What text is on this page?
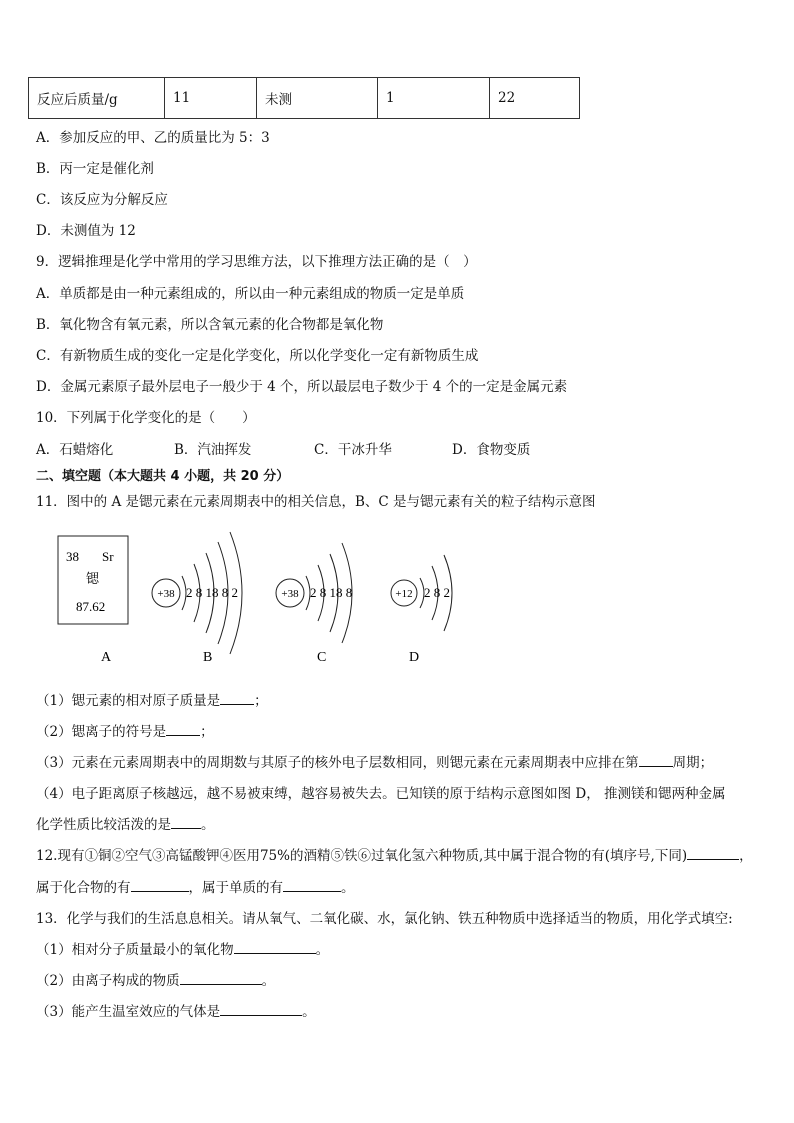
反应后质量/g	11	未测	1	22
A．参加反应的甲、乙的质量比为 5：3
B．丙一定是催化剂
C．该反应为分解反应
D．未测值为 12
9．逻辑推理是化学中常用的学习思维方法，以下推理方法正确的是（　）
A．单质都是由一种元素组成的，所以由一种元素组成的物质一定是单质
B．氧化物含有氧元素，所以含氧元素的化合物都是氧化物
C．有新物质生成的变化一定是化学变化，所以化学变化一定有新物质生成
D．金属元素原子最外层电子一般少于 4 个，所以最层电子数少于 4 个的一定是金属元素
10．下列属于化学变化的是（　　）
A．石蜡熔化	B．汽油挥发	C．干冰升华	D．食物变质
二、填空题（本大题共 4 小题，共 20 分）
11．图中的 A 是锶元素在元素周期表中的相关信息，B、C 是与锶元素有关的粒子结构示意图
38 Sr
锶
87.62
+38 2 8 18 8 2	+38 2 8 18 8	+12 2 8 2
A	B	C	D
（1）锶元素的相对原子质量是	；
（2）锶离子的符号是	；
（3）元素在元素周期表中的周期数与其原子的核外电子层数相同，则锶元素在元素周期表中应排在第	周期；
（4）电子距离原子核越远，越不易被束缚，越容易被失去。已知镁的原于结构示意图如图 D， 推测镁和锶两种金属
化学性质比较活泼的是 。
12.现有①铜②空气③高锰酸钾④医用75%的酒精⑤铁⑥过氧化氢六种物质,其中属于混合物的有(填序号,下同)	，
属于化合物的有	，属于单质的有	。
13．化学与我们的生活息息相关。请从氧气、二氧化碳、水，氯化钠、铁五种物质中选择适当的物质，用化学式填空:
（1）相对分子质量最小的氧化物	。
（2）由离子构成的物质	。
（3）能产生温室效应的气体是	。
